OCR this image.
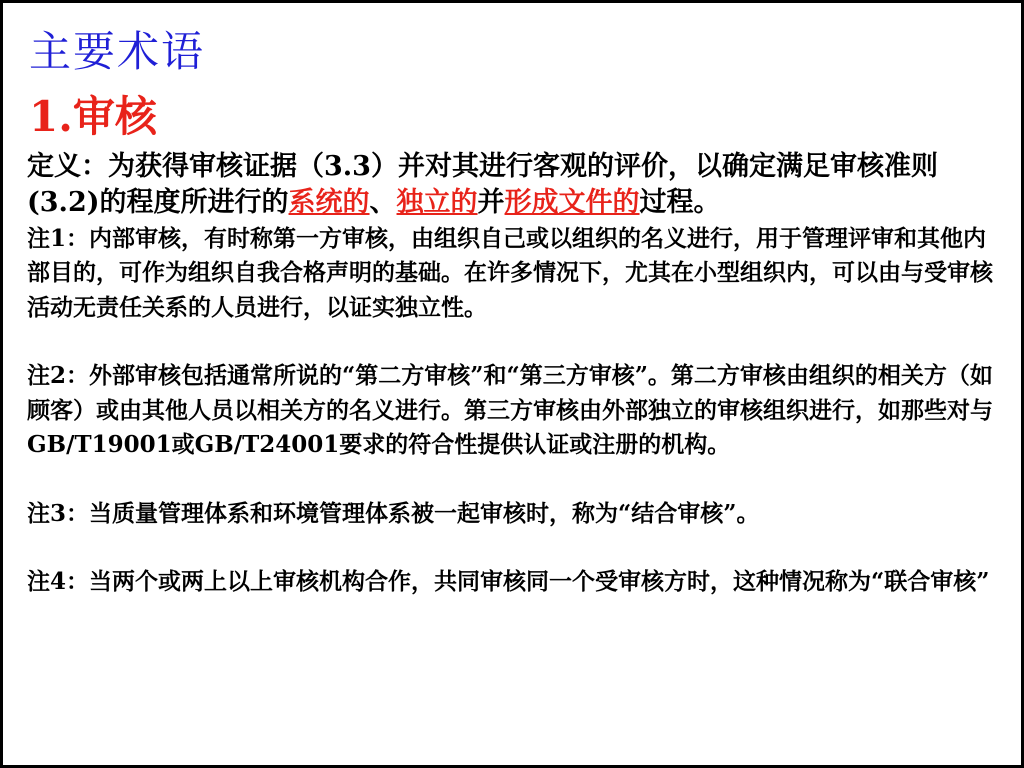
主要术语
1.审核

定义：为获得审核证据（3.3）并对其进行客观的评价，以确定满足审核准则(3.2)的程度所进行的系统的、独立的并形成文件的过程。

注1：内部审核，有时称第一方审核，由组织自己或以组织的名义进行，用于管理评审和其他内部目的，可作为组织自我合格声明的基础。在许多情况下，尤其在小型组织内，可以由与受审核活动无责任关系的人员进行，以证实独立性。

注2：外部审核包括通常所说的“第二方审核”和“第三方审核”。第二方审核由组织的相关方（如 顾客）或由其他人员以相关方的名义进行。第三方审核由外部独立的审核组织进行，如那些对与GB/T19001或GB/T24001要求的符合性提供认证或注册的机构。

注3：当质量管理体系和环境管理体系被一起审核时，称为“结合审核”。

注4：当两个或两上以上审核机构合作，共同审核同一个受审核方时，这种情况称为“联合审核”
